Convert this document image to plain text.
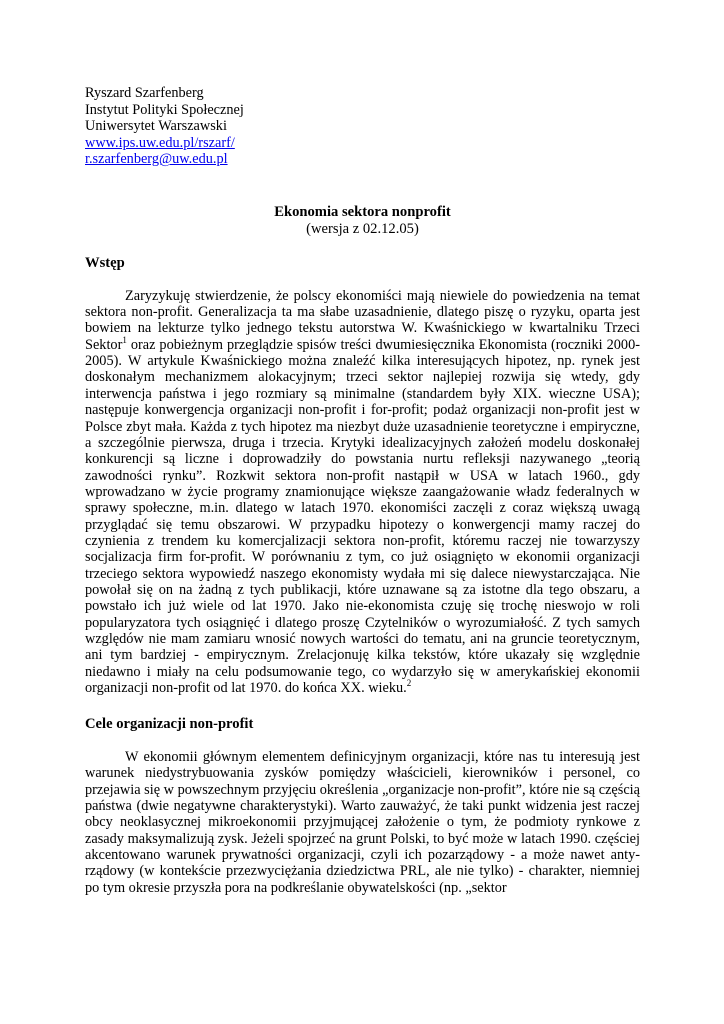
Ryszard Szarfenberg
Instytut Polityki Społecznej
Uniwersytet Warszawski
www.ips.uw.edu.pl/rszarf/
r.szarfenberg@uw.edu.pl
Ekonomia sektora nonprofit
(wersja z 02.12.05)
Wstęp

Zaryzykuję stwierdzenie, że polscy ekonomiści mają niewiele do powiedzenia na temat sektora non-profit. Generalizacja ta ma słabe uzasadnienie, dlatego piszę o ryzyku, oparta jest bowiem na lekturze tylko jednego tekstu autorstwa W. Kwaśnickiego w kwartalniku Trzeci Sektor$^1$ oraz pobieżnym przeglądzie spisów treści dwumiesięcznika Ekonomista (roczniki 2000-2005). W artykule Kwaśnickiego można znaleźć kilka interesujących hipotez, np. rynek jest doskonałym mechanizmem alokacyjnym; trzeci sektor najlepiej rozwija się wtedy, gdy interwencja państwa i jego rozmiary są minimalne (standardem były XIX. wieczne USA); następuje konwergencja organizacji non-profit i for-profit; podaż organizacji non-profit jest w Polsce zbyt mała. Każda z tych hipotez ma niezbyt duże uzasadnienie teoretyczne i empiryczne, a szczególnie pierwsza, druga i trzecia. Krytyki idealizacyjnych założeń modelu doskonałej konkurencji są liczne i doprowadziły do powstania nurtu refleksji nazywanego „teorią zawodności rynku”. Rozkwit sektora non-profit nastąpił w USA w latach 1960., gdy wprowadzano w życie programy znamionujące większe zaangażowanie władz federalnych w sprawy społeczne, m.in. dlatego w latach 1970. ekonomiści zaczęli z coraz większą uwagą przyglądać się temu obszarowi. W przypadku hipotezy o konwergencji mamy raczej do czynienia z trendem ku komercjalizacji sektora non-profit, któremu raczej nie towarzyszy socjalizacja firm for-profit. W porównaniu z tym, co już osiągnięto w ekonomii organizacji trzeciego sektora wypowiedź naszego ekonomisty wydała mi się dalece niewystarczająca. Nie powołał się on na żadną z tych publikacji, które uznawane są za istotne dla tego obszaru, a powstało ich już wiele od lat 1970. Jako nie-ekonomista czuję się trochę nieswojo w roli popularyzatora tych osiągnięć i dlatego proszę Czytelników o wyrozumiałość. Z tych samych względów nie mam zamiaru wnosić nowych wartości do tematu, ani na gruncie teoretycznym, ani tym bardziej - empirycznym. Zrelacjonuję kilka tekstów, które ukazały się względnie niedawno i miały na celu podsumowanie tego, co wydarzyło się w amerykańskiej ekonomii organizacji non-profit od lat 1970. do końca XX. wieku.$^2$

Cele organizacji non-profit

W ekonomii głównym elementem definicyjnym organizacji, które nas tu interesują jest warunek niedystrybuowania zysków pomiędzy właścicieli, kierowników i personel, co przejawia się w powszechnym przyjęciu określenia „organizacje non-profit”, które nie są częścią państwa (dwie negatywne charakterystyki). Warto zauważyć, że taki punkt widzenia jest raczej obcy neoklasycznej mikroekonomii przyjmującej założenie o tym, że podmioty rynkowe z zasady maksymalizują zysk. Jeżeli spojrzeć na grunt Polski, to być może w latach 1990. częściej akcentowano warunek prywatności organizacji, czyli ich pozarządowy - a może nawet anty-rządowy (w kontekście przezwyciężania dziedzictwa PRL, ale nie tylko) - charakter, niemniej po tym okresie przyszła pora na podkreślanie obywatelskości (np. „sektor
